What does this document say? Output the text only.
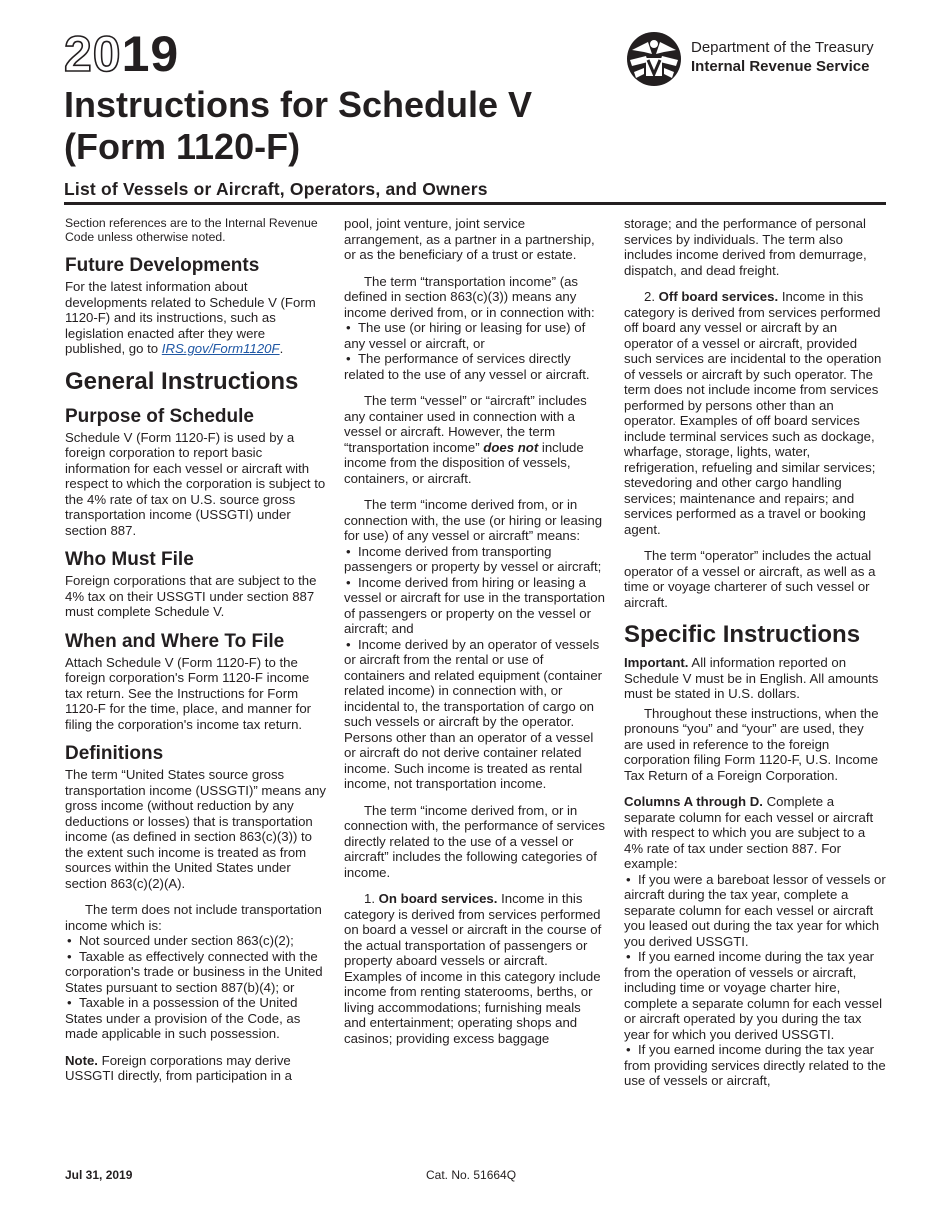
2019
Instructions for Schedule V
(Form 1120-F)
Department of the Treasury
Internal Revenue Service
List of Vessels or Aircraft, Operators, and Owners

Section references are to the Internal Revenue Code unless otherwise noted.

Future Developments

For the latest information about developments related to Schedule V (Form 1120-F) and its instructions, such as legislation enacted after they were published, go to IRS.gov/Form1120F.

General Instructions
Purpose of Schedule

Schedule V (Form 1120-F) is used by a foreign corporation to report basic information for each vessel or aircraft with respect to which the corporation is subject to the 4% rate of tax on U.S. source gross transportation income (USSGTI) under section 887.

Who Must File

Foreign corporations that are subject to the 4% tax on their USSGTI under section 887 must complete Schedule V.

When and Where To File

Attach Schedule V (Form 1120-F) to the foreign corporation's Form 1120-F income tax return. See the Instructions for Form 1120-F for the time, place, and manner for filing the corporation's income tax return.

Definitions

The term “United States source gross transportation income (USSGTI)” means any gross income (without reduction by any deductions or losses) that is transportation income (as defined in section 863(c)(3)) to the extent such income is treated as from sources within the United States under section 863(c)(2)(A).

The term does not include transportation income which is:

• Not sourced under section 863(c)(2);
• Taxable as effectively connected with the corporation's trade or business in the United States pursuant to section 887(b)(4); or
• Taxable in a possession of the United States under a provision of the Code, as made applicable in such possession.

Note. Foreign corporations may derive USSGTI directly, from participation in a

pool, joint venture, joint service arrangement, as a partner in a partnership, or as the beneficiary of a trust or estate.

The term “transportation income” (as defined in section 863(c)(3)) means any income derived from, or in connection with:

• The use (or hiring or leasing for use) of any vessel or aircraft, or
• The performance of services directly related to the use of any vessel or aircraft.

The term “vessel” or “aircraft” includes any container used in connection with a vessel or aircraft. However, the term “transportation income” does not include income from the disposition of vessels, containers, or aircraft.

The term “income derived from, or in connection with, the use (or hiring or leasing for use) of any vessel or aircraft” means:

• Income derived from transporting passengers or property by vessel or aircraft;
• Income derived from hiring or leasing a vessel or aircraft for use in the transportation of passengers or property on the vessel or aircraft; and
• Income derived by an operator of vessels or aircraft from the rental or use of containers and related equipment (container related income) in connection with, or incidental to, the transportation of cargo on such vessels or aircraft by the operator. Persons other than an operator of a vessel or aircraft do not derive container related income. Such income is treated as rental income, not transportation income.

The term “income derived from, or in connection with, the performance of services directly related to the use of a vessel or aircraft” includes the following categories of income.

1. On board services. Income in this category is derived from services performed on board a vessel or aircraft in the course of the actual transportation of passengers or property aboard vessels or aircraft. Examples of income in this category include income from renting staterooms, berths, or living accommodations; furnishing meals and entertainment; operating shops and casinos; providing excess baggage

storage; and the performance of personal services by individuals. The term also includes income derived from demurrage, dispatch, and dead freight.

2. Off board services. Income in this category is derived from services performed off board any vessel or aircraft by an operator of a vessel or aircraft, provided such services are incidental to the operation of vessels or aircraft by such operator. The term does not include income from services performed by persons other than an operator. Examples of off board services include terminal services such as dockage, wharfage, storage, lights, water, refrigeration, refueling and similar services; stevedoring and other cargo handling services; maintenance and repairs; and services performed as a travel or booking agent.

The term “operator” includes the actual operator of a vessel or aircraft, as well as a time or voyage charterer of such vessel or aircraft.

Specific Instructions

Important. All information reported on Schedule V must be in English. All amounts must be stated in U.S. dollars.

Throughout these instructions, when the pronouns “you” and “your” are used, they are used in reference to the foreign corporation filing Form 1120-F, U.S. Income Tax Return of a Foreign Corporation.

Columns A through D. Complete a separate column for each vessel or aircraft with respect to which you are subject to a 4% rate of tax under section 887. For example:

• If you were a bareboat lessor of vessels or aircraft during the tax year, complete a separate column for each vessel or aircraft you leased out during the tax year for which you derived USSGTI.
• If you earned income during the tax year from the operation of vessels or aircraft, including time or voyage charter hire, complete a separate column for each vessel or aircraft operated by you during the tax year for which you derived USSGTI.
• If you earned income during the tax year from providing services directly related to the use of vessels or aircraft,
Jul 31, 2019	Cat. No. 51664Q
